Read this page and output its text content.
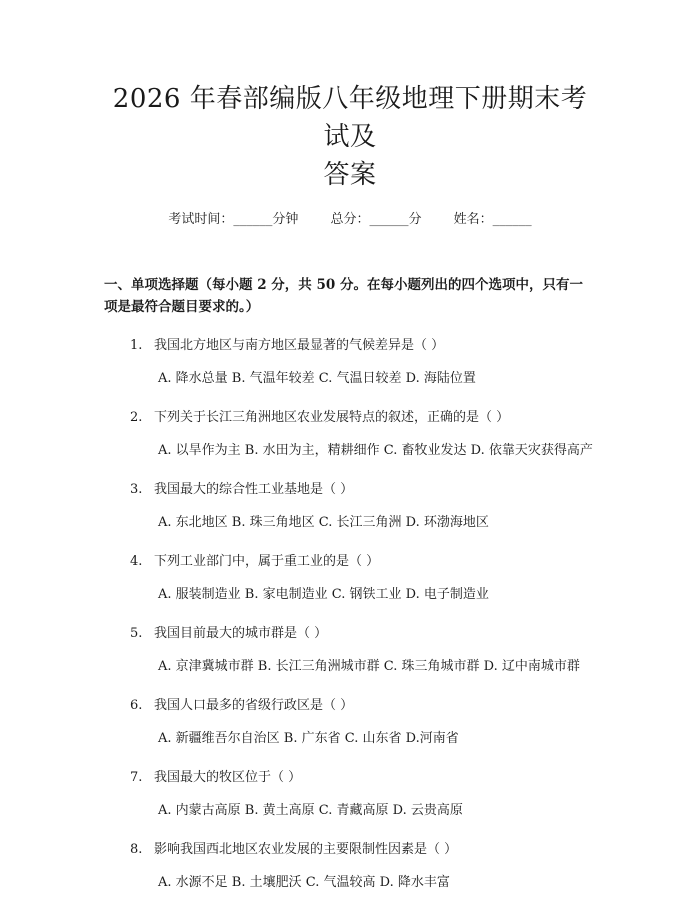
2026 年春部编版八年级地理下册期末考试及
答案
考试时间：______分钟 总分：______分 姓名：______
一、单项选择题（每小题 2 分，共 50 分。在每小题列出的四个选项中，只有一项是最符合题目要求的。）
1. 我国北方地区与南方地区最显著的气候差异是（ ）
A. 降水总量 B. 气温年较差 C. 气温日较差 D. 海陆位置
2. 下列关于长江三角洲地区农业发展特点的叙述，正确的是（ ）
A. 以旱作为主 B. 水田为主，精耕细作 C. 畜牧业发达 D. 依靠天灾获得高产
3. 我国最大的综合性工业基地是（ ）
A. 东北地区 B. 珠三角地区 C. 长江三角洲 D. 环渤海地区
4. 下列工业部门中，属于重工业的是（ ）
A. 服装制造业 B. 家电制造业 C. 钢铁工业 D. 电子制造业
5. 我国目前最大的城市群是（ ）
A. 京津冀城市群 B. 长江三角洲城市群 C. 珠三角城市群 D. 辽中南城市群
6. 我国人口最多的省级行政区是（ ）
A. 新疆维吾尔自治区 B. 广东省 C. 山东省 D.河南省
7. 我国最大的牧区位于（ ）
A. 内蒙古高原 B. 黄土高原 C. 青藏高原 D. 云贵高原
8. 影响我国西北地区农业发展的主要限制性因素是（ ）
A. 水源不足 B. 土壤肥沃 C. 气温较高 D. 降水丰富
